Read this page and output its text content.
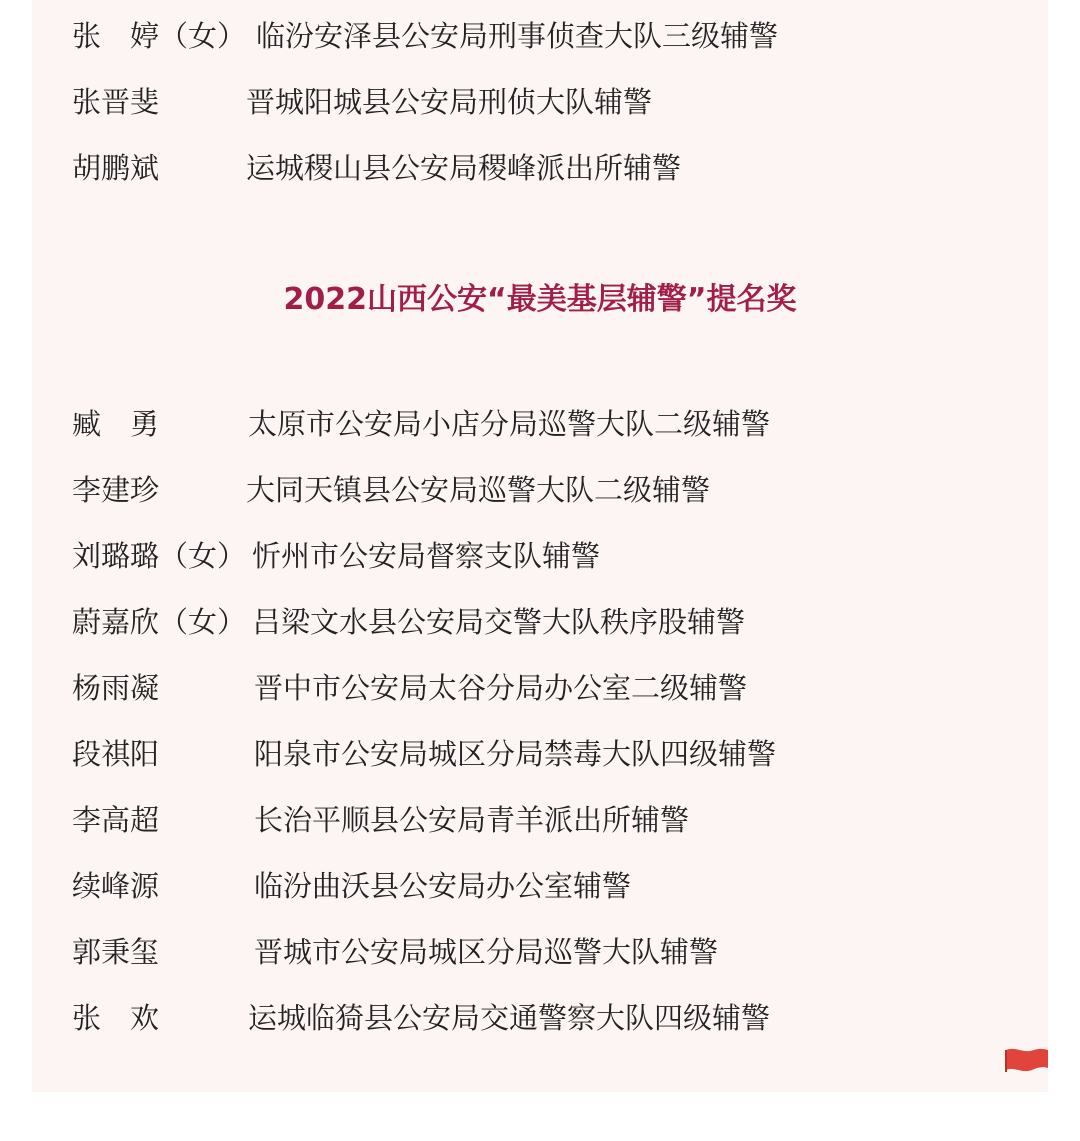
张　婷（女） 临汾安泽县公安局刑事侦查大队三级辅警
张晋斐	晋城阳城县公安局刑侦大队辅警
胡鹏斌	运城稷山县公安局稷峰派出所辅警
2022山西公安“最美基层辅警”提名奖
臧　勇	太原市公安局小店分局巡警大队二级辅警
李建珍	大同天镇县公安局巡警大队二级辅警
刘璐璐（女） 忻州市公安局督察支队辅警
蔚嘉欣（女） 吕梁文水县公安局交警大队秩序股辅警
杨雨凝	晋中市公安局太谷分局办公室二级辅警
段祺阳	阳泉市公安局城区分局禁毒大队四级辅警
李高超	长治平顺县公安局青羊派出所辅警
续峰源	临汾曲沃县公安局办公室辅警
郭秉玺	晋城市公安局城区分局巡警大队辅警
张　欢	运城临猗县公安局交通警察大队四级辅警
